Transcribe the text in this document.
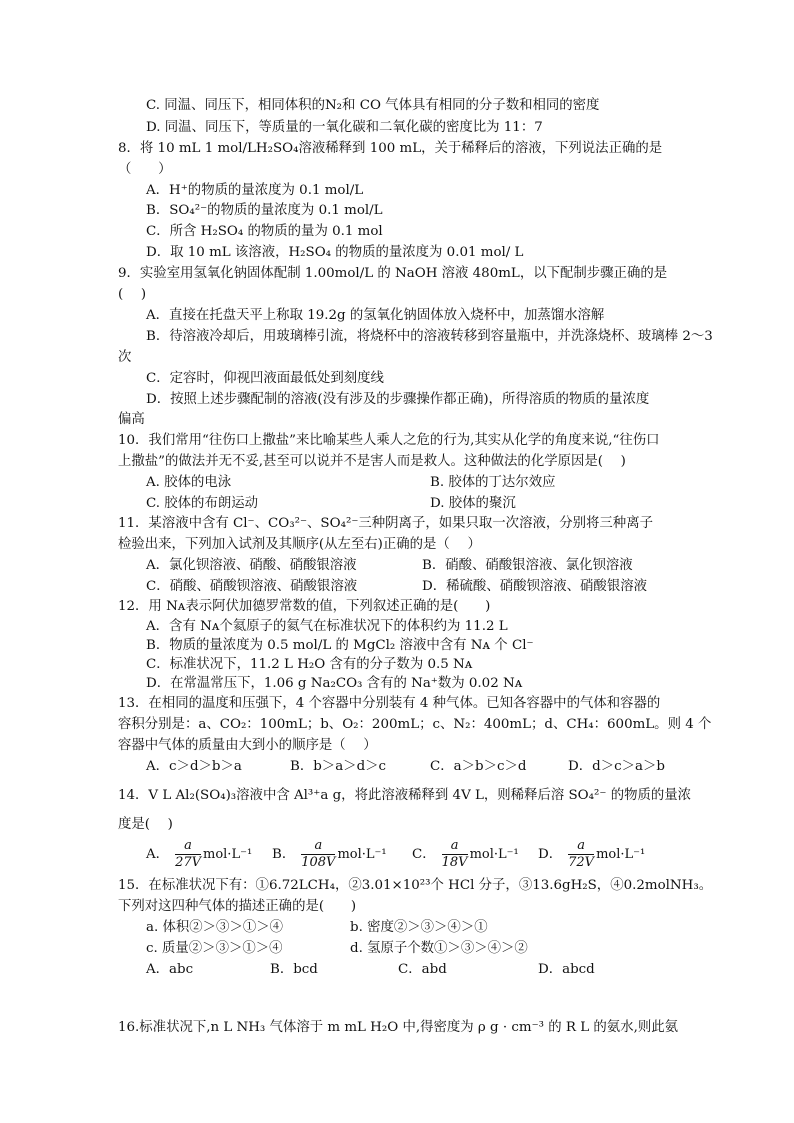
C. 同温、同压下，相同体积的N₂和 CO 气体具有相同的分子数和相同的密度
D. 同温、同压下，等质量的一氧化碳和二氧化碳的密度比为 11：7
8．将 10 mL 1 mol/LH₂SO₄溶液稀释到 100 mL，关于稀释后的溶液，下列说法正确的是
（　　）
A．H⁺的物质的量浓度为 0.1 mol/L
B．SO₄²⁻的物质的量浓度为 0.1 mol/L
C．所含 H₂SO₄ 的物质的量为 0.1 mol
D．取 10 mL 该溶液，H₂SO₄ 的物质的量浓度为 0.01 mol/ L
9．实验室用氢氧化钠固体配制 1.00mol/L 的 NaOH 溶液 480mL，以下配制步骤正确的是
(　 )
A．直接在托盘天平上称取 19.2g 的氢氧化钠固体放入烧杯中，加蒸馏水溶解
B．待溶液冷却后，用玻璃棒引流，将烧杯中的溶液转移到容量瓶中，并洗涤烧杯、玻璃棒 2～3
次
C．定容时，仰视凹液面最低处到刻度线
D．按照上述步骤配制的溶液(没有涉及的步骤操作都正确)，所得溶质的物质的量浓度
偏高
10．我们常用“往伤口上撒盐”来比喻某些人乘人之危的行为,其实从化学的角度来说,“往伤口
上撒盐”的做法并无不妥,甚至可以说并不是害人而是救人。这种做法的化学原因是(　 )
A. 胶体的电泳	B. 胶体的丁达尔效应
C. 胶体的布朗运动	D. 胶体的聚沉
11．某溶液中含有 Cl⁻、CO₃²⁻、SO₄²⁻三种阴离子，如果只取一次溶液，分别将三种离子
检验出来，下列加入试剂及其顺序(从左至右)正确的是（　 ）
A．氯化钡溶液、硝酸、硝酸银溶液	B．硝酸、硝酸银溶液、氯化钡溶液
C．硝酸、硝酸钡溶液、硝酸银溶液	D．稀硫酸、硝酸钡溶液、硝酸银溶液
12．用 Nᴀ表示阿伏加德罗常数的值，下列叙述正确的是(　　)
A．含有 Nᴀ个氦原子的氦气在标准状况下的体积约为 11.2 L
B．物质的量浓度为 0.5 mol/L 的 MgCl₂ 溶液中含有 Nᴀ 个 Cl⁻
C．标准状况下，11.2 L H₂O 含有的分子数为 0.5 Nᴀ
D．在常温常压下，1.06 g Na₂CO₃ 含有的 Na⁺数为 0.02 Nᴀ
13．在相同的温度和压强下，4 个容器中分别装有 4 种气体。已知各容器中的气体和容器的
容积分别是：a、CO₂：100mL；b、O₂：200mL；c、N₂：400mL；d、CH₄：600mL。则 4 个
容器中气体的质量由大到小的顺序是（　 ）
A．c＞d＞b＞a	B．b＞a＞d＞c	C．a＞b＞c＞d	D．d＞c＞a＞b
14．V L Al₂(SO₄)₃溶液中含 Al³⁺a g，将此溶液稀释到 4V L，则稀释后溶 SO₄²⁻ 的物质的量浓
度是(　 )
A． $\frac{a}{27V} mol\cdot L^{-1}$ B． $\frac{a}{108V} mol\cdot L^{-1}$ C． $\frac{a}{18V} mol\cdot L^{-1}$ D． $\frac{a}{72V} mol\cdot L^{-1}$
15．在标准状况下有：①6.72LCH₄，②3.01×10²³个 HCl 分子，③13.6gH₂S，④0.2molNH₃。
下列对这四种气体的描述正确的是(　　)
a. 体积②＞③＞①＞④	b. 密度②＞③＞④＞①
c. 质量②＞③＞①＞④	d. 氢原子个数①＞③＞④＞②
A．abc	B．bcd	C．abd	D．abcd
16.标准状况下,n L NH₃ 气体溶于 m mL H₂O 中,得密度为 ρ g · cm⁻³ 的 R L 的氨水,则此氨
